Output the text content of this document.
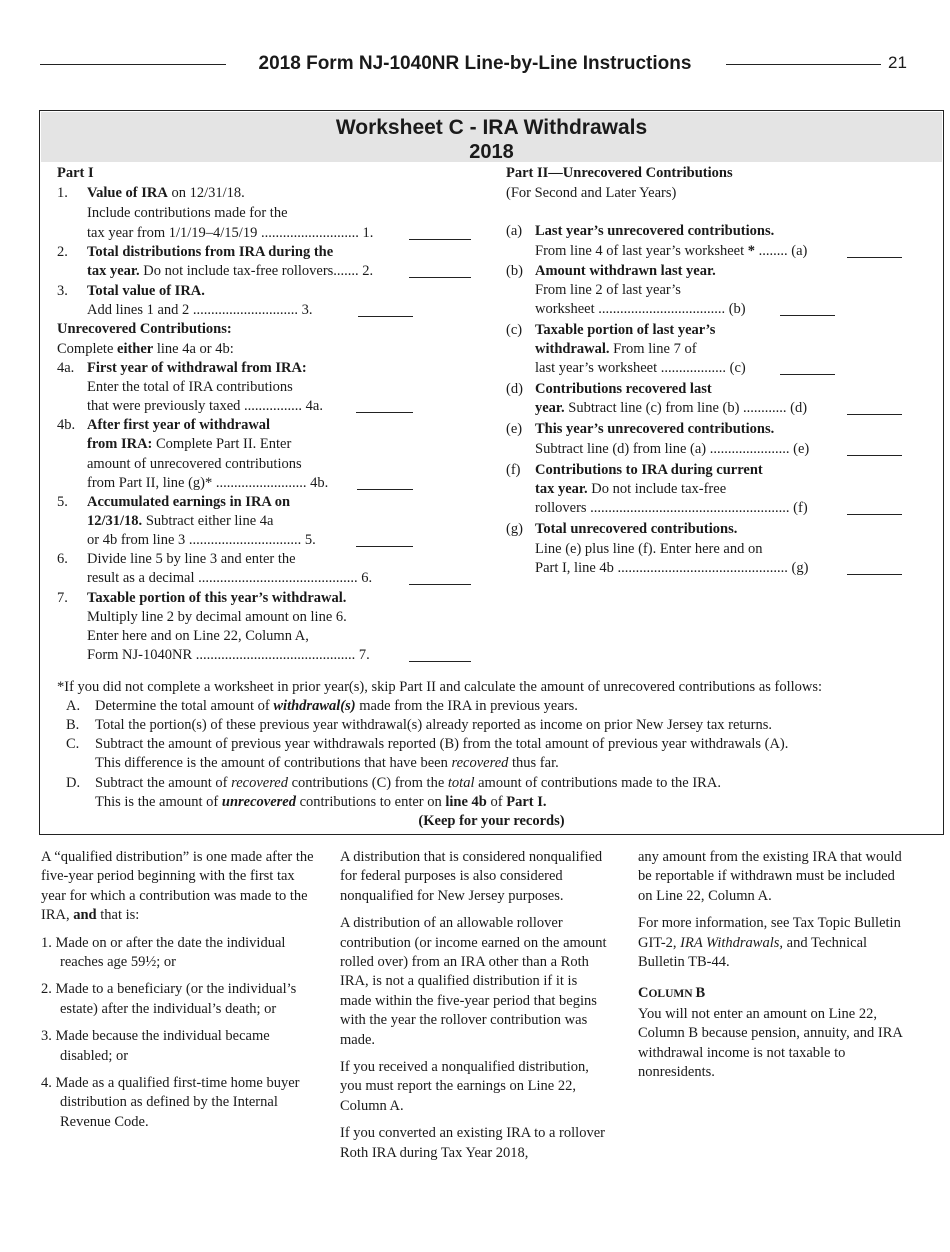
2018 Form NJ-1040NR Line-by-Line Instructions	21
Worksheet C - IRA Withdrawals
2018
Part I
1. Value of IRA on 12/31/18.
Include contributions made for the
tax year from 1/1/19–4/15/19 ........................... 1.
2. Total distributions from IRA during the
tax year. Do not include tax-free rollovers....... 2.
3. Total value of IRA.
Add lines 1 and 2 ............................. 3.
Unrecovered Contributions:
Complete either line 4a or 4b:
4a. First year of withdrawal from IRA:
Enter the total of IRA contributions
that were previously taxed ................ 4a.
4b. After first year of withdrawal
from IRA: Complete Part II. Enter
amount of unrecovered contributions
from Part II, line (g)* ......................... 4b.
5. Accumulated earnings in IRA on
12/31/18. Subtract either line 4a
or 4b from line 3 ............................... 5.
6. Divide line 5 by line 3 and enter the
result as a decimal ............................................ 6.
7. Taxable portion of this year’s withdrawal.
Multiply line 2 by decimal amount on line 6.
Enter here and on Line 22, Column A,
Form NJ-1040NR ............................................ 7.
Part II—Unrecovered Contributions
(For Second and Later Years)
(a) Last year’s unrecovered contributions.
From line 4 of last year’s worksheet * ........ (a)
(b) Amount withdrawn last year.
From line 2 of last year’s
worksheet ................................... (b)
(c) Taxable portion of last year’s
withdrawal. From line 7 of
last year’s worksheet .................. (c)
(d) Contributions recovered last
year. Subtract line (c) from line (b) ............ (d)
(e) This year’s unrecovered contributions.
Subtract line (d) from line (a) ...................... (e)
(f) Contributions to IRA during current
tax year. Do not include tax-free
rollovers ....................................................... (f)
(g) Total unrecovered contributions.
Line (e) plus line (f). Enter here and on
Part I, line 4b ............................................... (g)
*If you did not complete a worksheet in prior year(s), skip Part II and calculate the amount of unrecovered contributions as follows:
A. Determine the total amount of withdrawal(s) made from the IRA in previous years.
B. Total the portion(s) of these previous year withdrawal(s) already reported as income on prior New Jersey tax returns.
C. Subtract the amount of previous year withdrawals reported (B) from the total amount of previous year withdrawals (A).
This difference is the amount of contributions that have been recovered thus far.
D. Subtract the amount of recovered contributions (C) from the total amount of contributions made to the IRA.
This is the amount of unrecovered contributions to enter on line 4b of Part I.
(Keep for your records)

A “qualified distribution” is one made after the five-year period beginning with the first tax year for which a contribution was made to the IRA, and that is:

1. Made on or after the date the individual reaches age 59½; or
2. Made to a beneficiary (or the individual’s estate) after the individual’s death; or
3. Made because the individual became disabled; or
4. Made as a qualified first-time home buyer distribution as defined by the Internal Revenue Code.

A distribution that is considered nonqualified for federal purposes is also considered nonqualified for New Jersey purposes.

A distribution of an allowable rollover contribution (or income earned on the amount rolled over) from an IRA other than a Roth IRA, is not a qualified distribution if it is made within the five-year period that begins with the year the rollover contribution was made.

If you received a nonqualified distribution, you must report the earnings on Line 22, Column A.

If you converted an existing IRA to a rollover Roth IRA during Tax Year 2018,

any amount from the existing IRA that would be reportable if withdrawn must be included on Line 22, Column A.

For more information, see Tax Topic Bulletin GIT-2, IRA Withdrawals, and Technical Bulletin TB-44.

COLUMN B

You will not enter an amount on Line 22, Column B because pension, annuity, and IRA withdrawal income is not taxable to nonresidents.
